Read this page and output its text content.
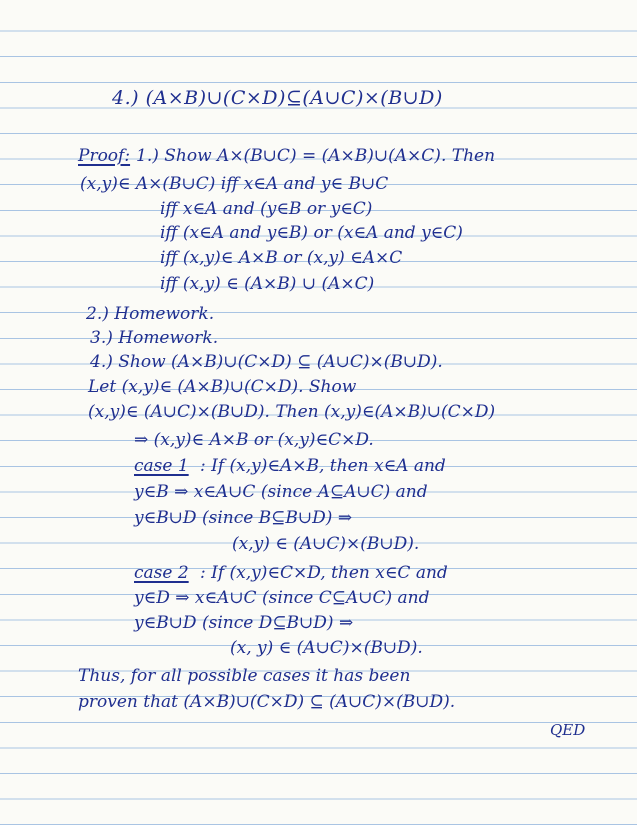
4.) (A×B)∪(C×D)⊆(A∪C)×(B∪D)
Proof: 1.) Show A×(B∪C) = (A×B)∪(A×C). Then
(x,y)∈ A×(B∪C) iff x∈A and y∈ B∪C
iff x∈A and (y∈B or y∈C)
iff (x∈A and y∈B) or (x∈A and y∈C)
iff (x,y)∈ A×B or (x,y) ∈A×C
iff (x,y) ∈ (A×B) ∪ (A×C)
2.) Homework.
3.) Homework.
4.) Show (A×B)∪(C×D) ⊆ (A∪C)×(B∪D).
Let (x,y)∈ (A×B)∪(C×D). Show
(x,y)∈ (A∪C)×(B∪D). Then (x,y)∈(A×B)∪(C×D)
⇒ (x,y)∈ A×B or (x,y)∈C×D.
case 1 : If (x,y)∈A×B, then x∈A and
y∈B ⇒ x∈A∪C (since A⊆A∪C) and
y∈B∪D (since B⊆B∪D) ⇒
(x,y) ∈ (A∪C)×(B∪D).
case 2 : If (x,y)∈C×D, then x∈C and
y∈D ⇒ x∈A∪C (since C⊆A∪C) and
y∈B∪D (since D⊆B∪D) ⇒
(x, y) ∈ (A∪C)×(B∪D).
Thus, for all possible cases it has been
proven that (A×B)∪(C×D) ⊆ (A∪C)×(B∪D).
QED
